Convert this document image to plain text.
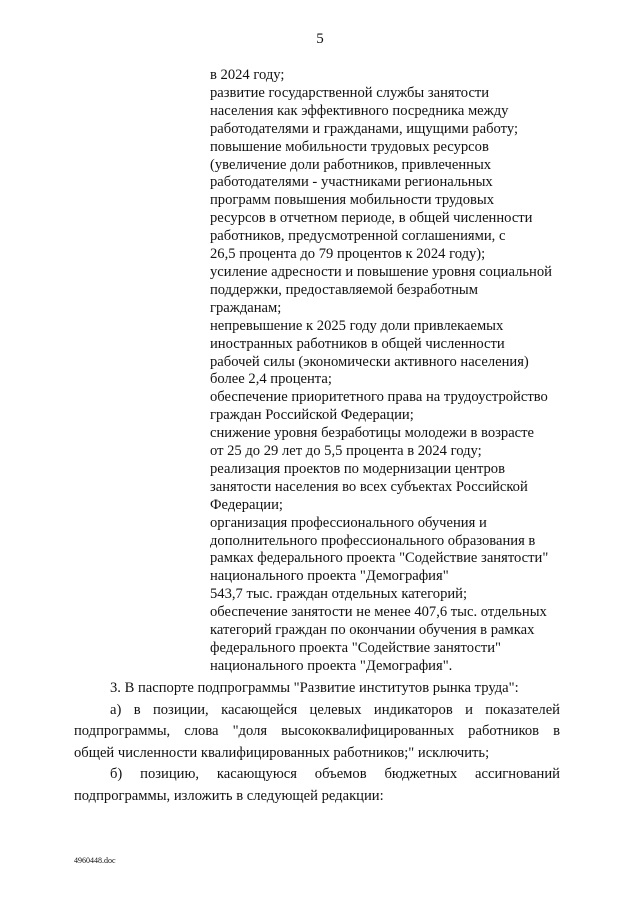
5
в 2024 году;
развитие государственной службы занятости
населения как эффективного посредника между
работодателями и гражданами, ищущими работу;
повышение мобильности трудовых ресурсов
(увеличение доли работников, привлеченных
работодателями - участниками региональных
программ повышения мобильности трудовых
ресурсов в отчетном периоде, в общей численности
работников, предусмотренной соглашениями, с
26,5 процента до 79 процентов к 2024 году);
усиление адресности и повышение уровня социальной
поддержки, предоставляемой безработным
гражданам;
непревышение к 2025 году доли привлекаемых
иностранных работников в общей численности
рабочей силы (экономически активного населения)
более 2,4 процента;
обеспечение приоритетного права на трудоустройство
граждан Российской Федерации;
снижение уровня безработицы молодежи в возрасте
от 25 до 29 лет до 5,5 процента в 2024 году;
реализация проектов по модернизации центров
занятости населения во всех субъектах Российской
Федерации;
организация профессионального обучения и
дополнительного профессионального образования в
рамках федерального проекта "Содействие занятости"
национального проекта "Демография"
543,7 тыс. граждан отдельных категорий;
обеспечение занятости не менее 407,6 тыс. отдельных
категорий граждан по окончании обучения в рамках
федерального проекта "Содействие занятости"
национального проекта "Демография".
3. В паспорте подпрограммы "Развитие институтов рынка труда":
а) в позиции, касающейся целевых индикаторов и показателей
подпрограммы, слова "доля высококвалифицированных работников в
общей численности квалифицированных работников;" исключить;
б) позицию, касающуюся объемов бюджетных ассигнований
подпрограммы, изложить в следующей редакции:
4960448.doc
